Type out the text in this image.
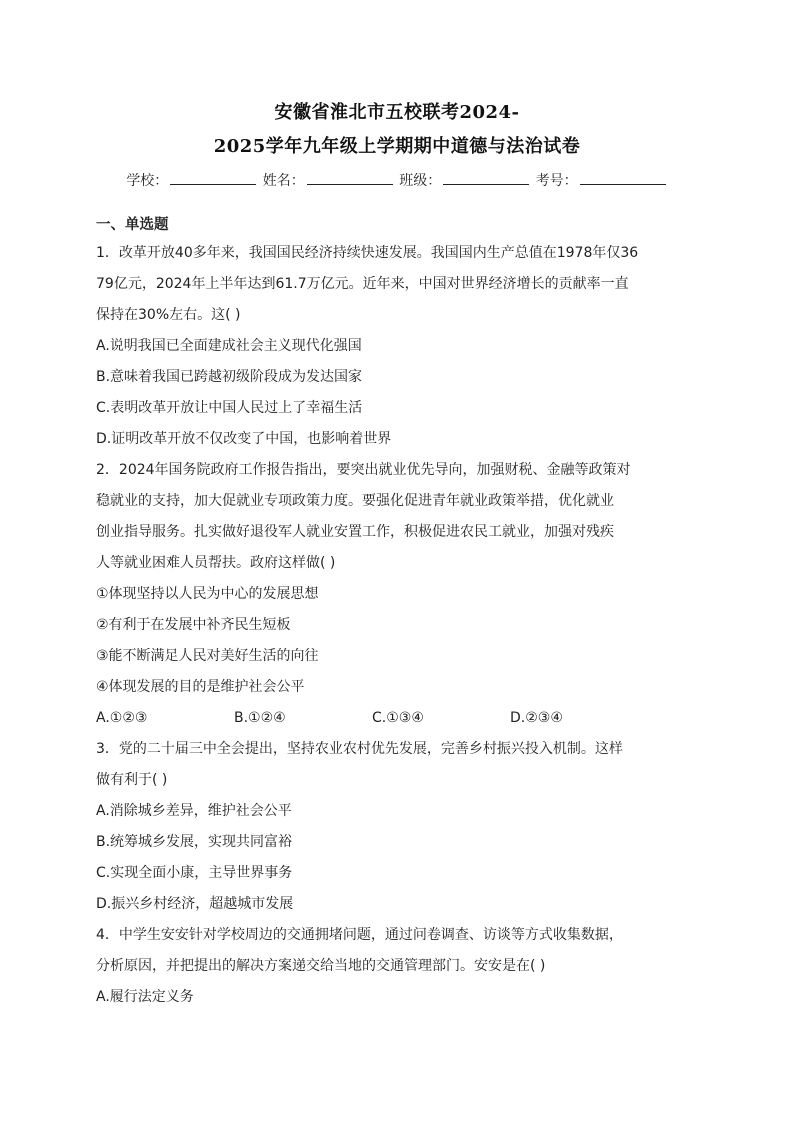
安徽省淮北市五校联考2024-
2025学年九年级上学期期中道德与法治试卷
学校：	姓名：	班级：	考号：
一、单选题

1．改革开放40多年来，我国国民经济持续快速发展。我国国内生产总值在1978年仅36

79亿元，2024年上半年达到61.7万亿元。近年来，中国对世界经济增长的贡献率一直

保持在30%左右。这( )

A.说明我国已全面建成社会主义现代化强国

B.意味着我国已跨越初级阶段成为发达国家

C.表明改革开放让中国人民过上了幸福生活

D.证明改革开放不仅改变了中国，也影响着世界

2．2024年国务院政府工作报告指出，要突出就业优先导向，加强财税、金融等政策对

稳就业的支持，加大促就业专项政策力度。要强化促进青年就业政策举措，优化就业

创业指导服务。扎实做好退役军人就业安置工作，积极促进农民工就业，加强对残疾

人等就业困难人员帮扶。政府这样做( )

①体现坚持以人民为中心的发展思想

②有利于在发展中补齐民生短板

③能不断满足人民对美好生活的向往

④体现发展的目的是维护社会公平

A.①②③	B.①②④	C.①③④	D.②③④

3．党的二十届三中全会提出，坚持农业农村优先发展，完善乡村振兴投入机制。这样

做有利于( )

A.消除城乡差异，维护社会公平

B.统筹城乡发展，实现共同富裕

C.实现全面小康，主导世界事务

D.振兴乡村经济，超越城市发展

4．中学生安安针对学校周边的交通拥堵问题，通过问卷调查、访谈等方式收集数据，

分析原因，并把提出的解决方案递交给当地的交通管理部门。安安是在( )

A.履行法定义务
